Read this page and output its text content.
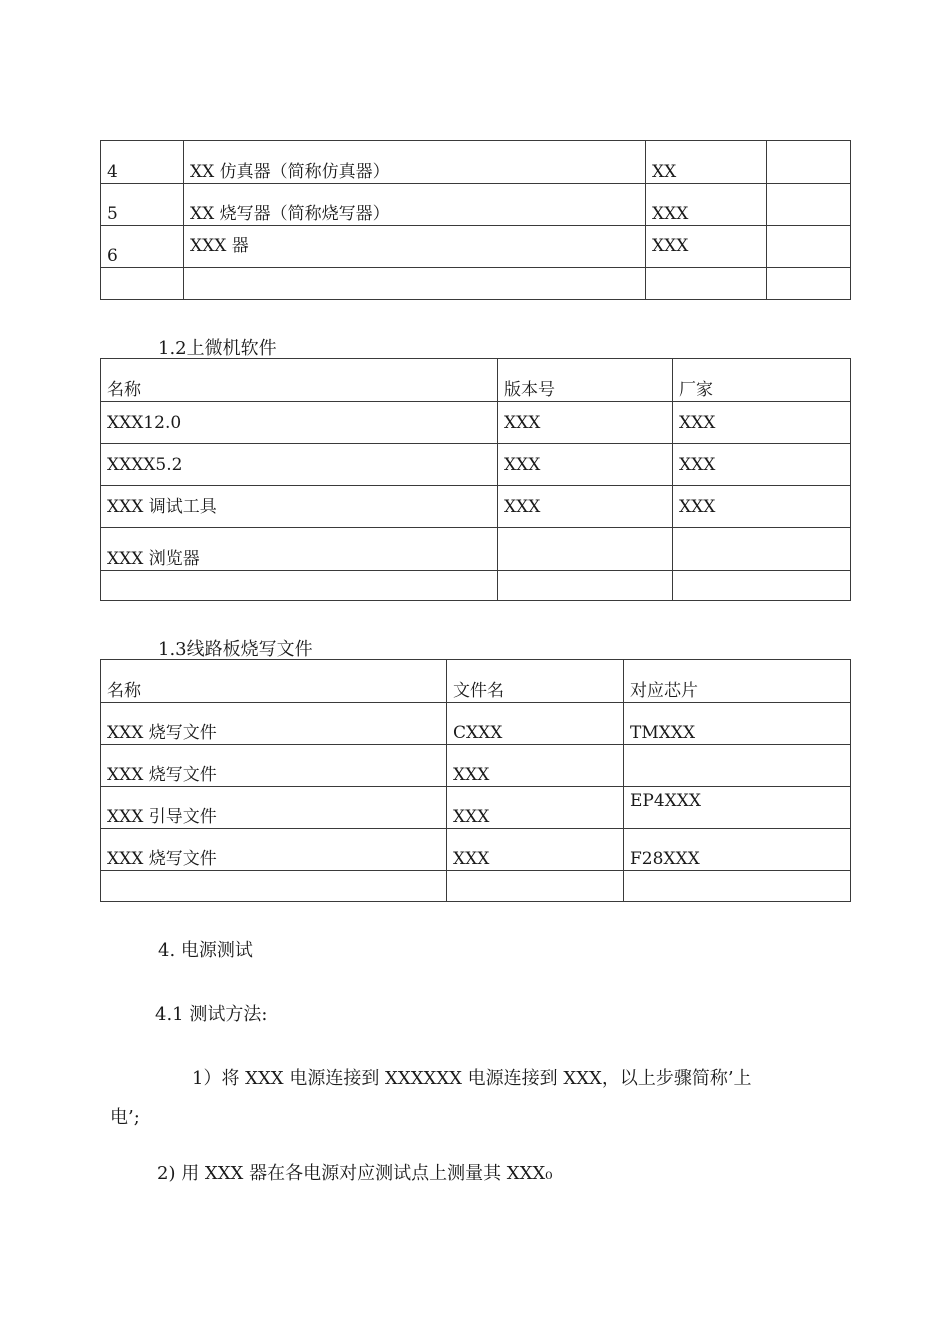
4	XX 仿真器（简称仿真器）	XX	
5	XX 烧写器（简称烧写器）	XXX	
6	XXX 器	XXX	

1.2上微机软件
名称	版本号	厂家
XXX12.0	XXX	XXX
XXXX5.2	XXX	XXX
XXX 调试工具	XXX	XXX
XXX 浏览器		

1.3线路板烧写文件
名称	文件名	对应芯片
XXX 烧写文件	CXXX	TMXXX
XXX 烧写文件	XXX	
XXX 引导文件	XXX	EP4XXX
XXX 烧写文件	XXX	F28XXX

4. 电源测试
4.1 测试方法:
1）将 XXX 电源连接到 XXXXXX 电源连接到 XXX，以上步骤简称’上
电’;
2) 用 XXX 器在各电源对应测试点上测量其 XXX₀
